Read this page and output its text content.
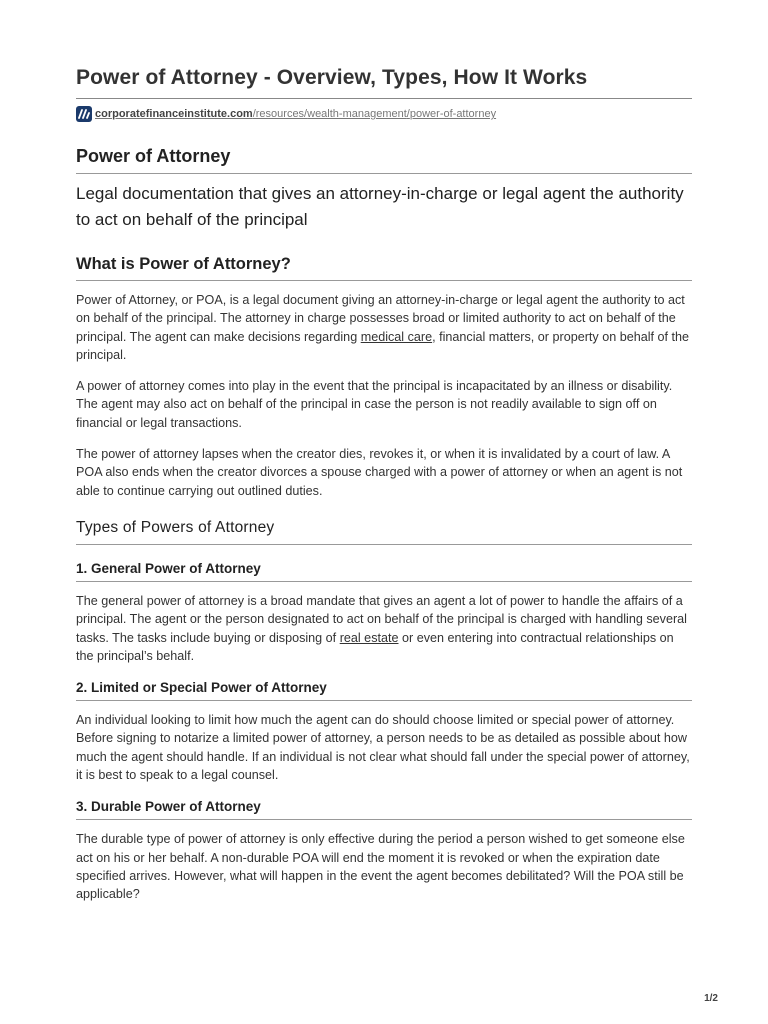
Power of Attorney - Overview, Types, How It Works
corporatefinanceinstitute.com/resources/wealth-management/power-of-attorney
Power of Attorney

Legal documentation that gives an attorney-in-charge or legal agent the authority to act on behalf of the principal

What is Power of Attorney?

Power of Attorney, or POA, is a legal document giving an attorney-in-charge or legal agent the authority to act on behalf of the principal. The attorney in charge possesses broad or limited authority to act on behalf of the principal. The agent can make decisions regarding medical care, financial matters, or property on behalf of the principal.

A power of attorney comes into play in the event that the principal is incapacitated by an illness or disability. The agent may also act on behalf of the principal in case the person is not readily available to sign off on financial or legal transactions.

The power of attorney lapses when the creator dies, revokes it, or when it is invalidated by a court of law. A POA also ends when the creator divorces a spouse charged with a power of attorney or when an agent is not able to continue carrying out outlined duties.

Types of Powers of Attorney
1. General Power of Attorney

The general power of attorney is a broad mandate that gives an agent a lot of power to handle the affairs of a principal. The agent or the person designated to act on behalf of the principal is charged with handling several tasks. The tasks include buying or disposing of real estate or even entering into contractual relationships on the principal’s behalf.

2. Limited or Special Power of Attorney

An individual looking to limit how much the agent can do should choose limited or special power of attorney. Before signing to notarize a limited power of attorney, a person needs to be as detailed as possible about how much the agent should handle. If an individual is not clear what should fall under the special power of attorney, it is best to speak to a legal counsel.

3. Durable Power of Attorney

The durable type of power of attorney is only effective during the period a person wished to get someone else act on his or her behalf. A non-durable POA will end the moment it is revoked or when the expiration date specified arrives. However, what will happen in the event the agent becomes debilitated? Will the POA still be applicable?

1/2
